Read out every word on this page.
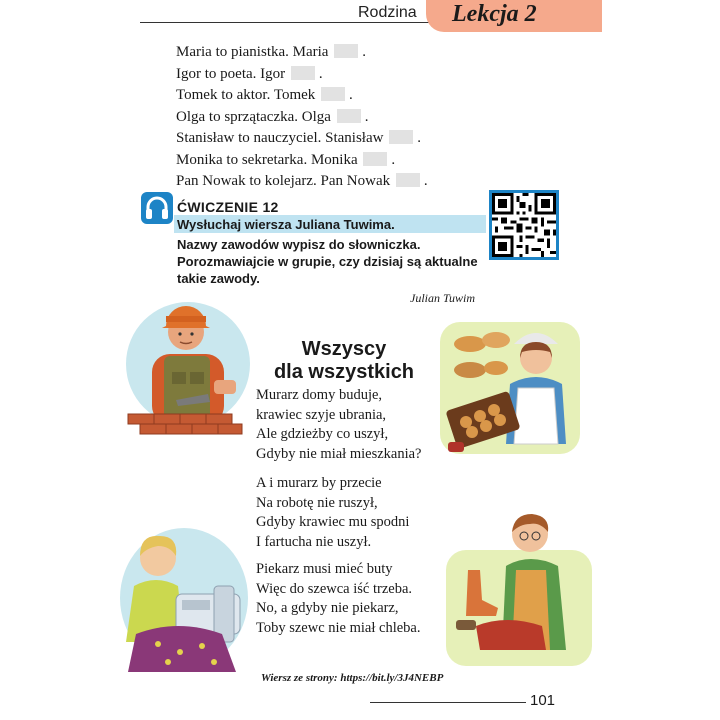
Rodzina Lekcja 2
Maria to pianistka. Maria .
Igor to poeta. Igor .
Tomek to aktor. Tomek .
Olga to sprzątaczka. Olga .
Stanisław to nauczyciel. Stanisław .
Monika to sekretarka. Monika .
Pan Nowak to kolejarz. Pan Nowak .
ĆWICZENIE 12
Wysłuchaj wiersza Juliana Tuwima.
Nazwy zawodów wypisz do słowniczka.
Porozmawiajcie w grupie, czy dzisiaj są aktualne
takie zawody.
Julian Tuwim
Wszyscy
dla wszystkich
Murarz domy buduje,
krawiec szyje ubrania,
Ale gdzieżby co uszył,
Gdyby nie miał mieszkania?
A i murarz by przecie
Na robotę nie ruszył,
Gdyby krawiec mu spodni
I fartucha nie uszył.
Piekarz musi mieć buty
Więc do szewca iść trzeba.
No, a gdyby nie piekarz,
Toby szewc nie miał chleba.
Wiersz ze strony: https://bit.ly/3J4NEBP
101
